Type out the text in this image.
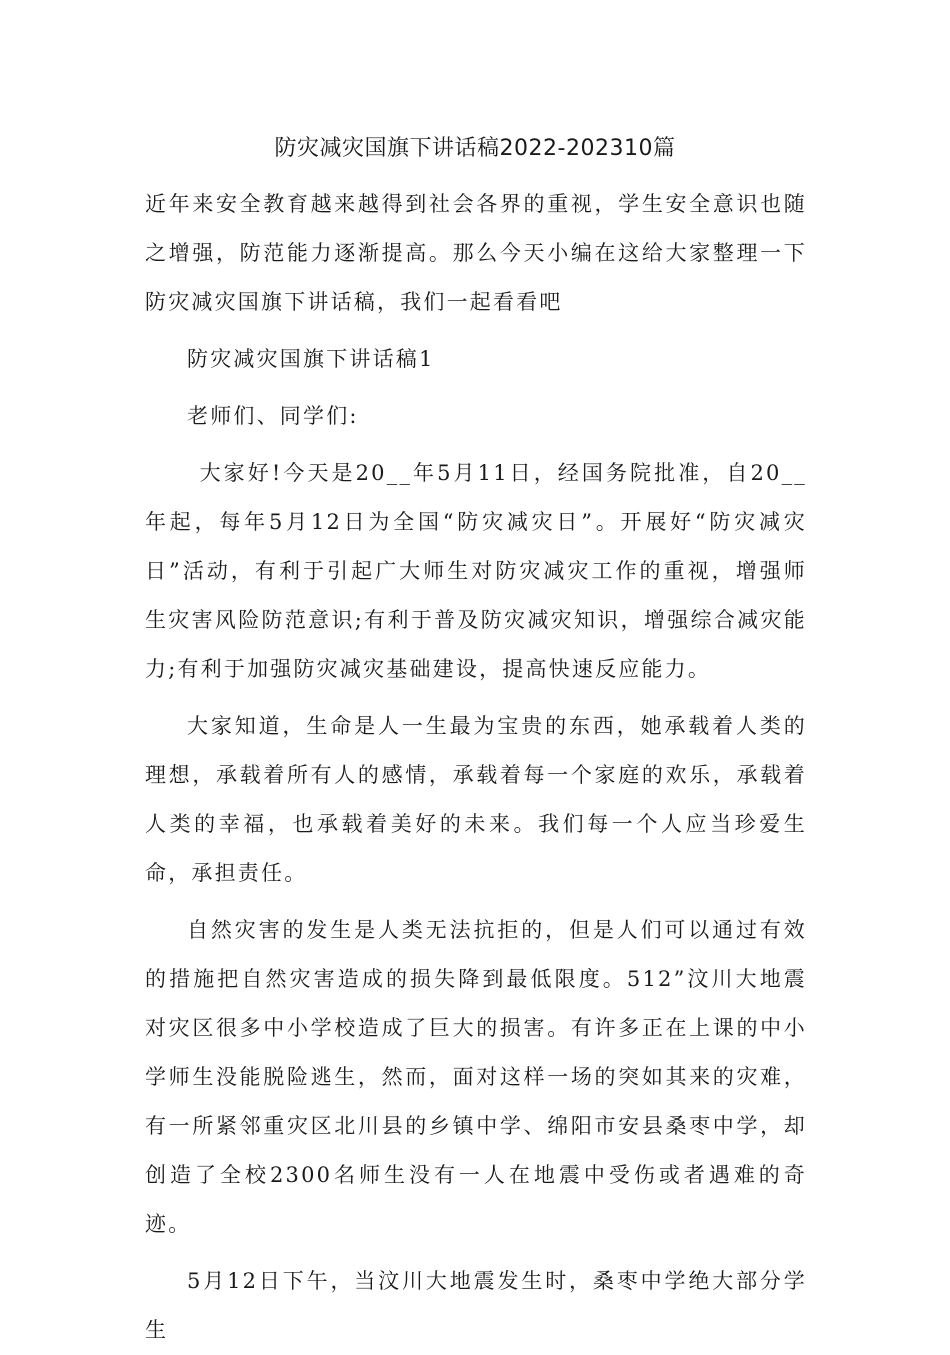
防灾减灾国旗下讲话稿2022-202310篇

近年来安全教育越来越得到社会各界的重视，学生安全意识也随之增强，防范能力逐渐提高。那么今天小编在这给大家整理一下防灾减灾国旗下讲话稿，我们一起看看吧

防灾减灾国旗下讲话稿1

老师们、同学们:

大家好!今天是20__年5月11日，经国务院批准，自20__年起，每年5月12日为全国“防灾减灾日”。开展好“防灾减灾日”活动，有利于引起广大师生对防灾减灾工作的重视，增强师生灾害风险防范意识;有利于普及防灾减灾知识，增强综合减灾能力;有利于加强防灾减灾基础建设，提高快速反应能力。

大家知道，生命是人一生最为宝贵的东西，她承载着人类的理想，承载着所有人的感情，承载着每一个家庭的欢乐，承载着人类的幸福，也承载着美好的未来。我们每一个人应当珍爱生命，承担责任。

自然灾害的发生是人类无法抗拒的，但是人们可以通过有效的措施把自然灾害造成的损失降到最低限度。512”汶川大地震对灾区很多中小学校造成了巨大的损害。有许多正在上课的中小学师生没能脱险逃生，然而，面对这样一场的突如其来的灾难，有一所紧邻重灾区北川县的乡镇中学、绵阳市安县桑枣中学，却创造了全校2300名师生没有一人在地震中受伤或者遇难的奇迹。

5月12日下午，当汶川大地震发生时，桑枣中学绝大部分学生
